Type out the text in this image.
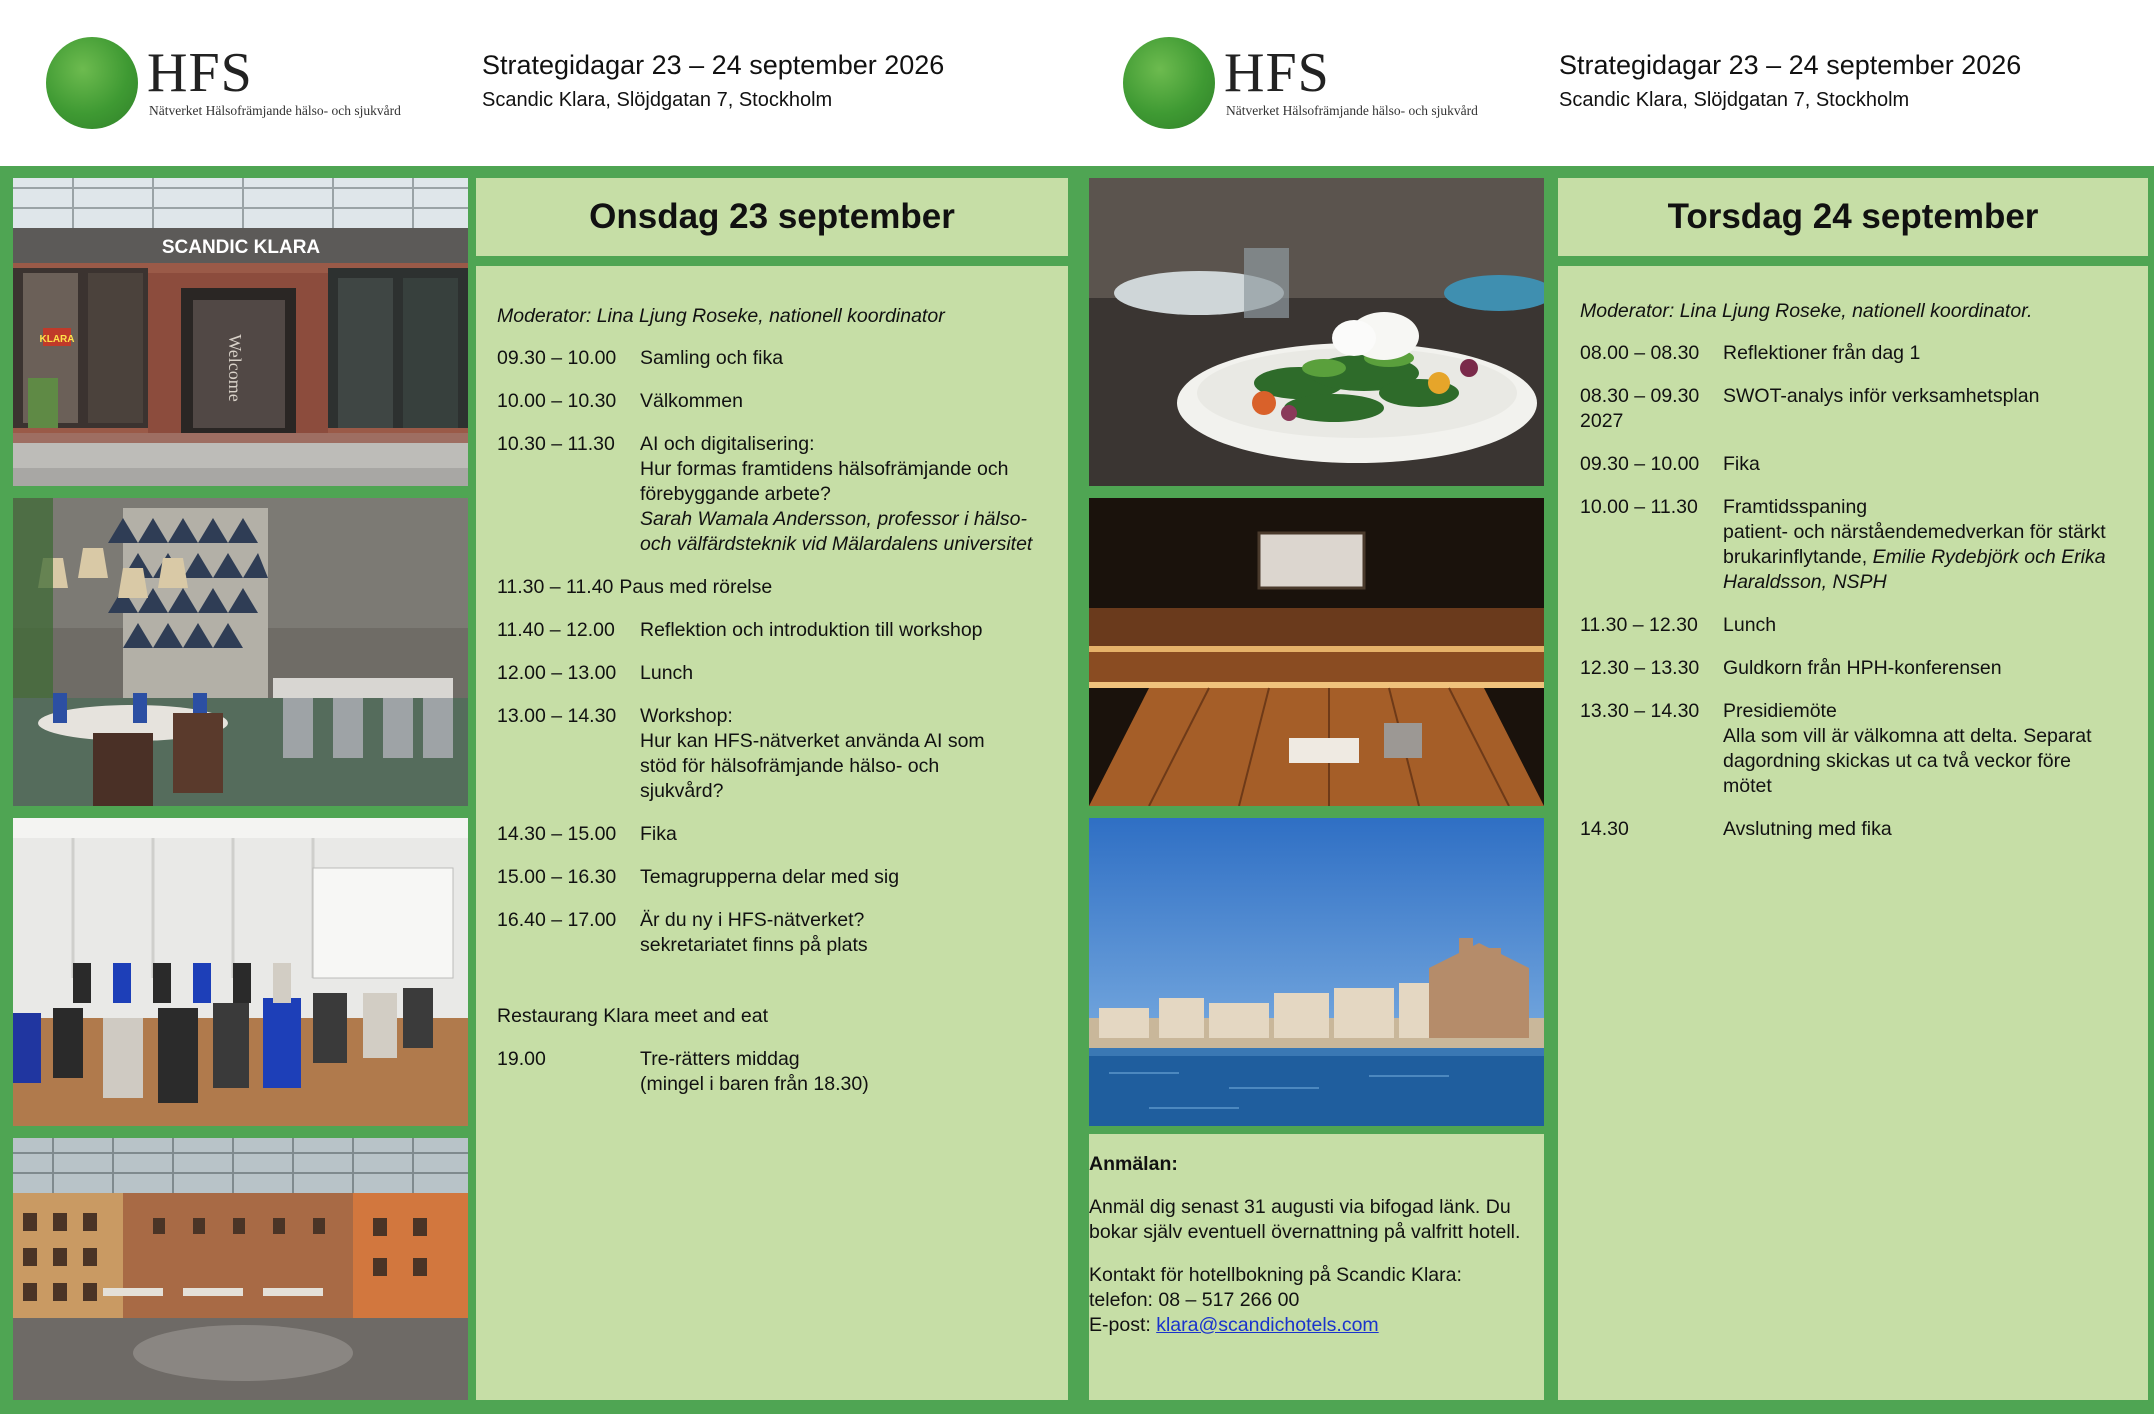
HFS
Nätverket Hälsofrämjande hälso- och sjukvård
Strategidagar 23 – 24 september 2026
Scandic Klara, Slöjdgatan 7, Stockholm	HFS
Nätverket Hälsofrämjande hälso- och sjukvård
Strategidagar 23 – 24 september 2026
Scandic Klara, Slöjdgatan 7, Stockholm
SCANDIC KLARA
KLARA	Welcome
Onsdag 23 september
Moderator: Lina Ljung Roseke, nationell koordinator
09.30 – 10.00	Samling och fika
10.00 – 10.30	Välkommen
10.30 – 11.30	AI och digitalisering:
Hur formas framtidens hälsofrämjande och förebyggande arbete?
Sarah Wamala Andersson, professor i hälso- och välfärdsteknik vid Mälardalens universitet
11.30 – 11.40 Paus med rörelse
11.40 – 12.00	Reflektion och introduktion till workshop
12.00 – 13.00	Lunch
13.00 – 14.30	Workshop:
Hur kan HFS-nätverket använda AI som stöd för hälsofrämjande hälso- och sjukvård?
14.30 – 15.00	Fika
15.00 – 16.30	Temagrupperna delar med sig
16.40 – 17.00	Är du ny i HFS-nätverket?
sekretariatet finns på plats
Restaurang Klara meet and eat
19.00	Tre-rätters middag
(mingel i baren från 18.30)
Anmälan:

Anmäl dig senast 31 augusti via bifogad länk. Du bokar själv eventuell övernattning på valfritt hotell.

Kontakt för hotellbokning på Scandic Klara:
telefon: 08 – 517 266 00
E-post: klara@scandichotels.com
Torsdag 24 september
Moderator: Lina Ljung Roseke, nationell koordinator.
08.00 – 08.30	Reflektioner från dag 1
08.30 – 09.30	SWOT-analys inför verksamhetsplan
2027
09.30 – 10.00	Fika
10.00 – 11.30	Framtidsspaning
patient- och närståendemedverkan för stärkt brukarinflytande, Emilie Rydebjörk och Erika Haraldsson, NSPH
11.30 – 12.30	Lunch
12.30 – 13.30	Guldkorn från HPH-konferensen
13.30 – 14.30	Presidiemöte
Alla som vill är välkomna att delta. Separat dagordning skickas ut ca två veckor före mötet
14.30	Avslutning med fika
